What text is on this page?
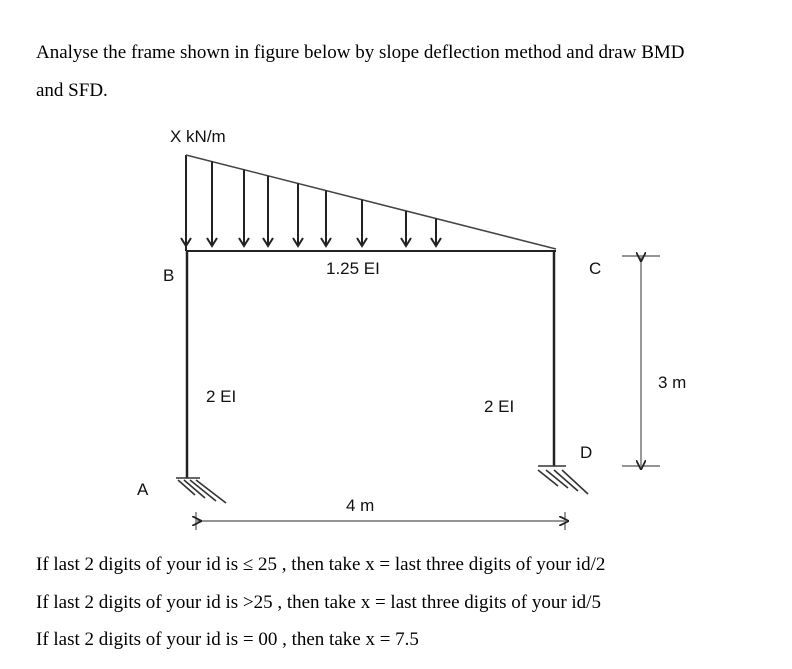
Analyse the frame shown in figure below by slope deflection method and draw BMD
and SFD.
X kN/m
1.25 EI
2 EI
2 EI
4 m
3 m
A
B	C
D
If last 2 digits of your id is ≤ 25 , then take x = last three digits of your id/2
If last 2 digits of your id is >25 , then take x = last three digits of your id/5
If last 2 digits of your id is = 00 , then take x = 7.5
